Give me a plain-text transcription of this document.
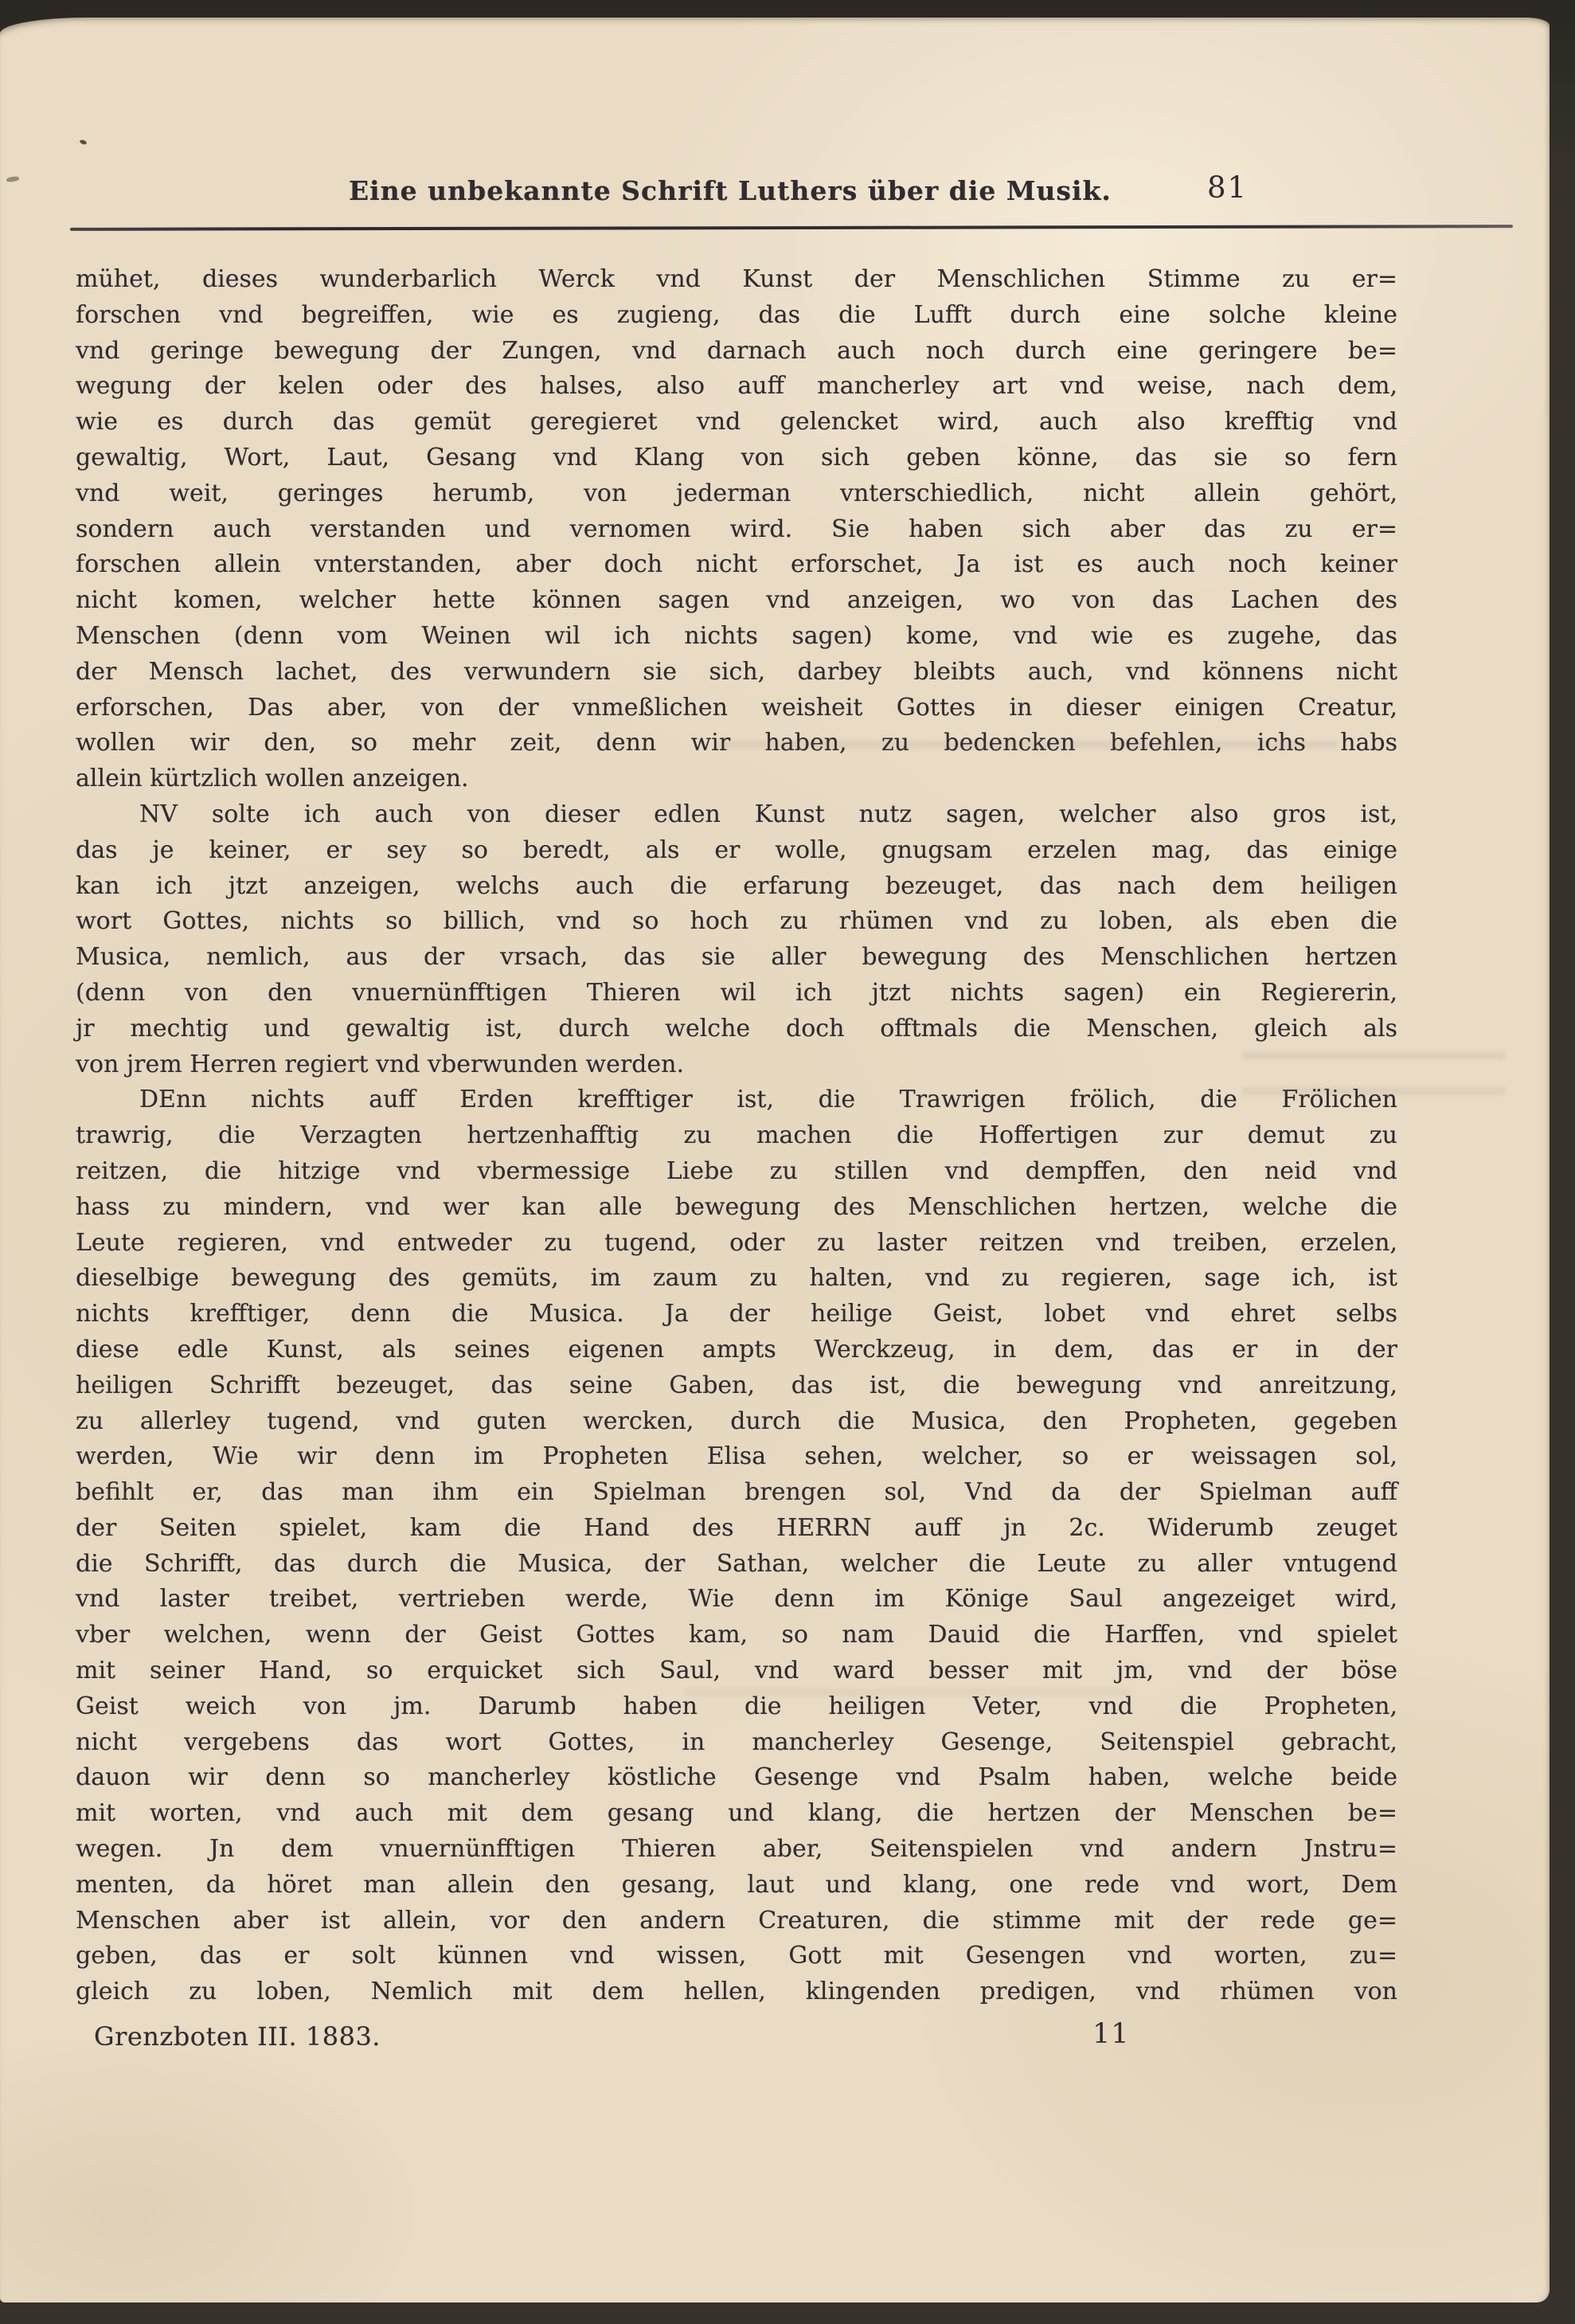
Eine unbekannte Schrift Luthers über die Musik.	81
mühet, dieses wunderbarlich Werck vnd Kunst der Menschlichen Stimme zu er=
forschen vnd begreiffen, wie es zugieng, das die Lufft durch eine solche kleine
vnd geringe bewegung der Zungen, vnd darnach auch noch durch eine geringere be=
wegung der kelen oder des halses, also auff mancherley art vnd weise, nach dem,
wie es durch das gemüt geregieret vnd gelencket wird, auch also krefftig vnd
gewaltig, Wort, Laut, Gesang vnd Klang von sich geben könne, das sie so fern
vnd weit, geringes herumb, von jederman vnterschiedlich, nicht allein gehört,
sondern auch verstanden und vernomen wird. Sie haben sich aber das zu er=
forschen allein vnterstanden, aber doch nicht erforschet, Ja ist es auch noch keiner
nicht komen, welcher hette können sagen vnd anzeigen, wo von das Lachen des
Menschen (denn vom Weinen wil ich nichts sagen) kome, vnd wie es zugehe, das
der Mensch lachet, des verwundern sie sich, darbey bleibts auch, vnd könnens nicht
erforschen, Das aber, von der vnmeßlichen weisheit Gottes in dieser einigen Creatur,
wollen wir den, so mehr zeit, denn wir haben, zu bedencken befehlen, ichs habs
allein kürtzlich wollen anzeigen.
NV solte ich auch von dieser edlen Kunst nutz sagen, welcher also gros ist,
das je keiner, er sey so beredt, als er wolle, gnugsam erzelen mag, das einige
kan ich jtzt anzeigen, welchs auch die erfarung bezeuget, das nach dem heiligen
wort Gottes, nichts so billich, vnd so hoch zu rhümen vnd zu loben, als eben die
Musica, nemlich, aus der vrsach, das sie aller bewegung des Menschlichen hertzen
(denn von den vnuernünfftigen Thieren wil ich jtzt nichts sagen) ein Regiererin,
jr mechtig und gewaltig ist, durch welche doch offtmals die Menschen, gleich als
von jrem Herren regiert vnd vberwunden werden.
DEnn nichts auff Erden krefftiger ist, die Trawrigen frölich, die Frölichen
trawrig, die Verzagten hertzenhafftig zu machen die Hoffertigen zur demut zu
reitzen, die hitzige vnd vbermessige Liebe zu stillen vnd dempffen, den neid vnd
hass zu mindern, vnd wer kan alle bewegung des Menschlichen hertzen, welche die
Leute regieren, vnd entweder zu tugend, oder zu laster reitzen vnd treiben, erzelen,
dieselbige bewegung des gemüts, im zaum zu halten, vnd zu regieren, sage ich, ist
nichts krefftiger, denn die Musica. Ja der heilige Geist, lobet vnd ehret selbs
diese edle Kunst, als seines eigenen ampts Werckzeug, in dem, das er in der
heiligen Schrifft bezeuget, das seine Gaben, das ist, die bewegung vnd anreitzung,
zu allerley tugend, vnd guten wercken, durch die Musica, den Propheten, gegeben
werden, Wie wir denn im Propheten Elisa sehen, welcher, so er weissagen sol,
befihlt er, das man ihm ein Spielman brengen sol, Vnd da der Spielman auff
der Seiten spielet, kam die Hand des HERRN auff jn 2c. Widerumb zeuget
die Schrifft, das durch die Musica, der Sathan, welcher die Leute zu aller vntugend
vnd laster treibet, vertrieben werde, Wie denn im Könige Saul angezeiget wird,
vber welchen, wenn der Geist Gottes kam, so nam Dauid die Harffen, vnd spielet
mit seiner Hand, so erquicket sich Saul, vnd ward besser mit jm, vnd der böse
Geist weich von jm. Darumb haben die heiligen Veter, vnd die Propheten,
nicht vergebens das wort Gottes, in mancherley Gesenge, Seitenspiel gebracht,
dauon wir denn so mancherley köstliche Gesenge vnd Psalm haben, welche beide
mit worten, vnd auch mit dem gesang und klang, die hertzen der Menschen be=
wegen. Jn dem vnuernünfftigen Thieren aber, Seitenspielen vnd andern Jnstru=
menten, da höret man allein den gesang, laut und klang, one rede vnd wort, Dem
Menschen aber ist allein, vor den andern Creaturen, die stimme mit der rede ge=
geben, das er solt künnen vnd wissen, Gott mit Gesengen vnd worten, zu=
gleich zu loben, Nemlich mit dem hellen, klingenden predigen, vnd rhümen von
Grenzboten III. 1883.	11
